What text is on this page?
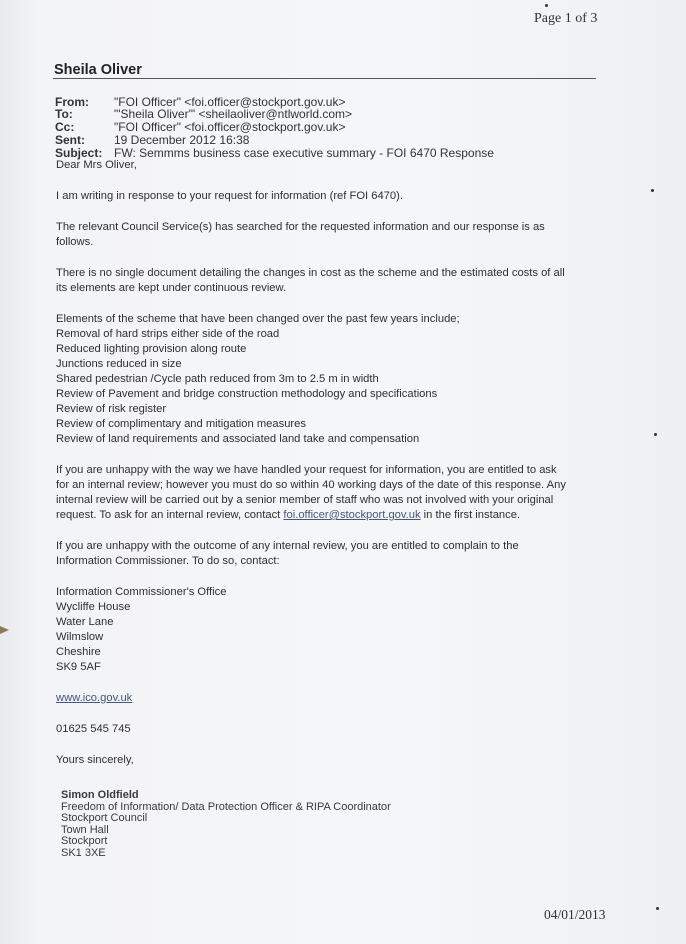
Page 1 of 3
Sheila Oliver
From: "FOI Officer" <foi.officer@stockport.gov.uk>
To:	"'Sheila Oliver'" <sheilaoliver@ntlworld.com>
Cc:	"FOI Officer" <foi.officer@stockport.gov.uk>
Sent: 19 December 2012 16:38
Subject: FW: Semmms business case executive summary - FOI 6470 Response

Dear Mrs Oliver,

I am writing in response to your request for information (ref FOI 6470).

The relevant Council Service(s) has searched for the requested information and our response is as

follows.

There is no single document detailing the changes in cost as the scheme and the estimated costs of all

its elements are kept under continuous review.

Elements of the scheme that have been changed over the past few years include;

Removal of hard strips either side of the road

Reduced lighting provision along route

Junctions reduced in size

Shared pedestrian /Cycle path reduced from 3m to 2.5 m in width

Review of Pavement and bridge construction methodology and specifications

Review of risk register

Review of complimentary and mitigation measures

Review of land requirements and associated land take and compensation

If you are unhappy with the way we have handled your request for information, you are entitled to ask

for an internal review; however you must do so within 40 working days of the date of this response. Any

internal review will be carried out by a senior member of staff who was not involved with your original

request. To ask for an internal review, contact foi.officer@stockport.gov.uk in the first instance.

If you are unhappy with the outcome of any internal review, you are entitled to complain to the

Information Commissioner. To do so, contact:

Information Commissioner's Office

Wycliffe House

Water Lane

Wilmslow

Cheshire

SK9 5AF

www.ico.gov.uk

01625 545 745

Yours sincerely,

Simon Oldfield
Freedom of Information/ Data Protection Officer & RIPA Coordinator
Stockport Council
Town Hall
Stockport
SK1 3XE
04/01/2013
